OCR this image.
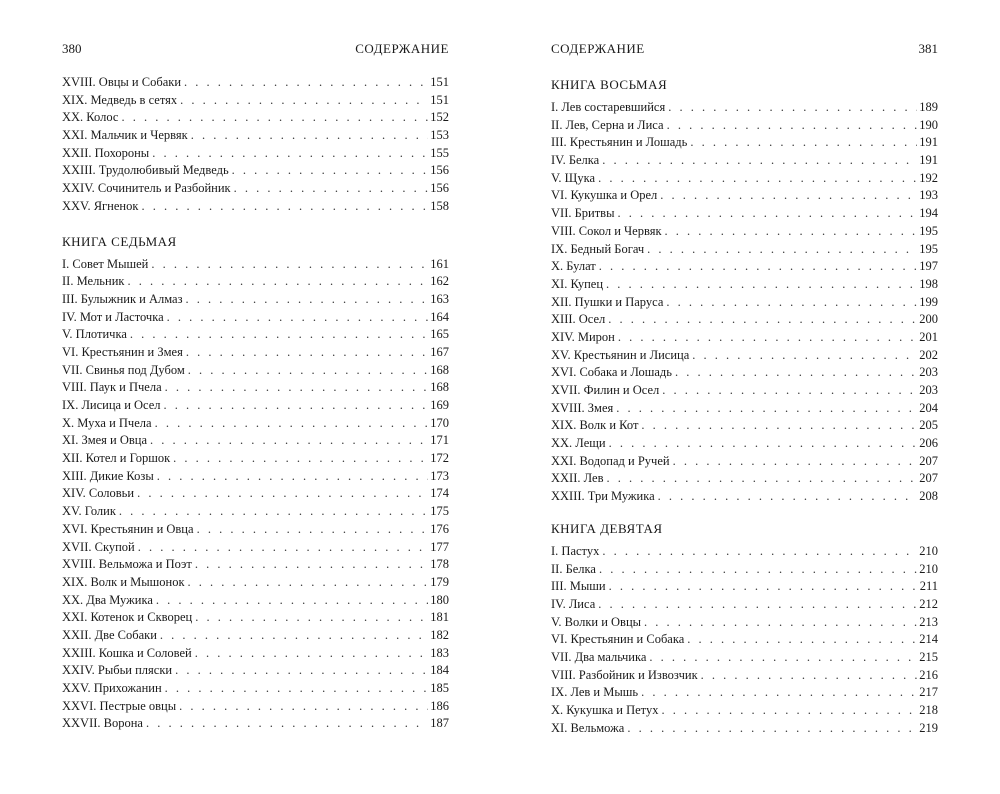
380	СОДЕРЖАНИЕ
XVIII. Овцы и Собаки . . .	151
XIX. Медведь в сетях . . .	151
XX. Колос . . .	152
XXI. Мальчик и Червяк . . .	153
XXII. Похороны . . .	155
XXIII. Трудолюбивый Медведь . . .	156
XXIV. Сочинитель и Разбойник . . .	156
XXV. Ягненок . . .	158
КНИГА СЕДЬМАЯ
I. Совет Мышей . . .	161
II. Мельник . . .	162
III. Булыжник и Алмаз . . .	163
IV. Мот и Ласточка . . .	164
V. Плотичка . . .	165
VI. Крестьянин и Змея . . .	167
VII. Свинья под Дубом . . .	168
VIII. Паук и Пчела . . .	168
IX. Лисица и Осел . . .	169
X. Муха и Пчела . . .	170
XI. Змея и Овца . . .	171
XII. Котел и Горшок . . .	172
XIII. Дикие Козы . . .	173
XIV. Соловьи . . .	174
XV. Голик . . .	175
XVI. Крестьянин и Овца . . .	176
XVII. Скупой . . .	177
XVIII. Вельможа и Поэт . . .	178
XIX. Волк и Мышонок . . .	179
XX. Два Мужика . . .	180
XXI. Котенок и Скворец . . .	181
XXII. Две Собаки . . .	182
XXIII. Кошка и Соловей . . .	183
XXIV. Рыбьи пляски . . .	184
XXV. Прихожанин . . .	185
XXVI. Пестрые овцы . . .	186
XXVII. Ворона . . .	187
СОДЕРЖАНИЕ	381
КНИГА ВОСЬМАЯ
I. Лев состаревшийся . . .	189
II. Лев, Серна и Лиса . . .	190
III. Крестьянин и Лошадь . . .	191
IV. Белка . . .	191
V. Щука . . .	192
VI. Кукушка и Орел . . .	193
VII. Бритвы . . .	194
VIII. Сокол и Червяк . . .	195
IX. Бедный Богач . . .	195
X. Булат . . .	197
XI. Купец . . .	198
XII. Пушки и Паруса . . .	199
XIII. Осел . . .	200
XIV. Мирон . . .	201
XV. Крестьянин и Лисица . . .	202
XVI. Собака и Лошадь . . .	203
XVII. Филин и Осел . . .	203
XVIII. Змея . . .	204
XIX. Волк и Кот . . .	205
XX. Лещи . . .	206
XXI. Водопад и Ручей . . .	207
XXII. Лев . . .	207
XXIII. Три Мужика . . .	208
КНИГА ДЕВЯТАЯ
I. Пастух . . .	210
II. Белка . . .	210
III. Мыши . . .	211
IV. Лиса . . .	212
V. Волки и Овцы . . .	213
VI. Крестьянин и Собака . . .	214
VII. Два мальчика . . .	215
VIII. Разбойник и Извозчик . . .	216
IX. Лев и Мышь . . .	217
X. Кукушка и Петух . . .	218
XI. Вельможа . . .	219
